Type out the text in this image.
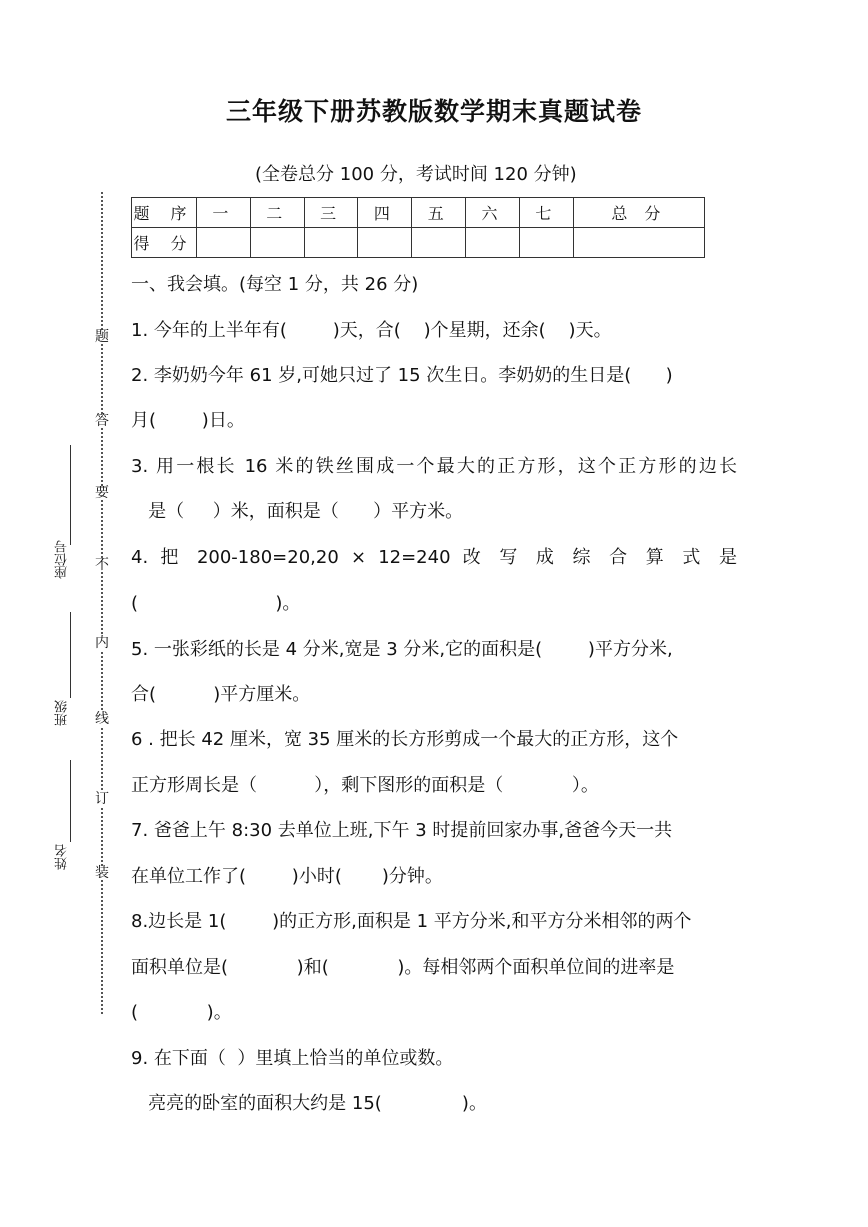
题
答
要
不
内
线
订
装
座位号
班级
姓名
三年级下册苏教版数学期末真题试卷
(全卷总分 100 分，考试时间 120 分钟)
题 序	一	二	三	四	五	六	七	总 分
得 分								
一、我会填。(每空 1 分，共 26 分)
1. 今年的上半年有(        )天，合(    )个星期，还余(    )天。
2. 李奶奶今年 61 岁,可她只过了 15 次生日。李奶奶的生日是(      )
月(        )日。
3. 用一根长 16 米的铁丝围成一个最大的正方形，这个正方形的边长
是（     ）米，面积是（      ）平方米。
4. 把 200-180=20,20 × 12=240 改 写 成 综 合 算 式 是
(                        )。
5. 一张彩纸的长是 4 分米,宽是 3 分米,它的面积是(        )平方分米,
合(          )平方厘米。
6 . 把长 42 厘米，宽 35 厘米的长方形剪成一个最大的正方形，这个
正方形周长是（          ），剩下图形的面积是（            ）。
7. 爸爸上午 8:30 去单位上班,下午 3 时提前回家办事,爸爸今天一共
在单位工作了(        )小时(       )分钟。
8.边长是 1(        )的正方形,面积是 1 平方分米,和平方分米相邻的两个
面积单位是(            )和(            )。每相邻两个面积单位间的进率是
(            )。
9. 在下面（  ）里填上恰当的单位或数。
亮亮的卧室的面积大约是 15(              )。
